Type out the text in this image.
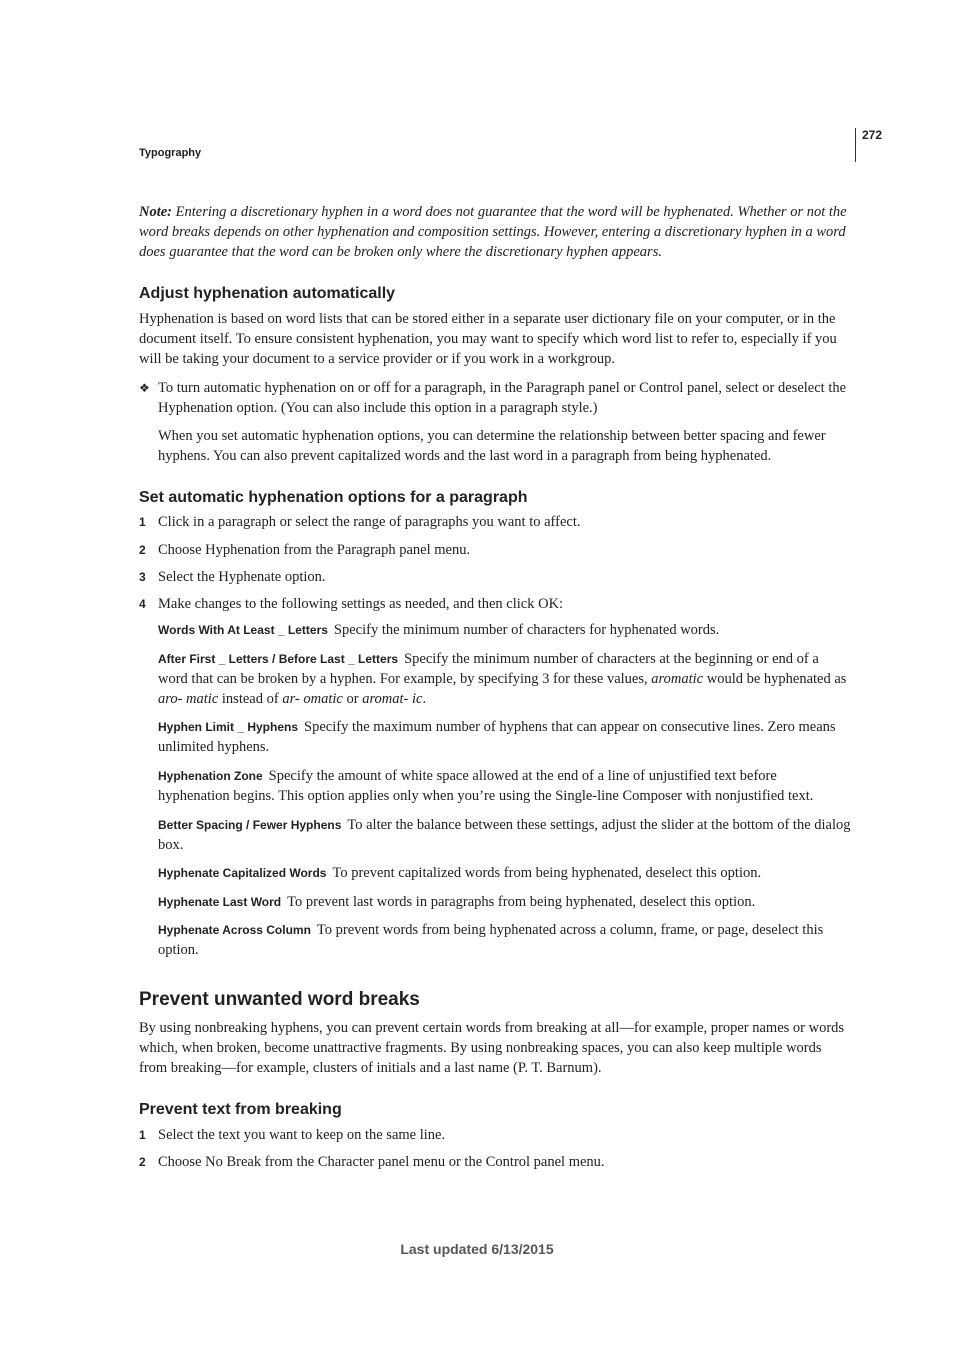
272
Typography

Note: Entering a discretionary hyphen in a word does not guarantee that the word will be hyphenated. Whether or not the word breaks depends on other hyphenation and composition settings. However, entering a discretionary hyphen in a word does guarantee that the word can be broken only where the discretionary hyphen appears.

Adjust hyphenation automatically

Hyphenation is based on word lists that can be stored either in a separate user dictionary file on your computer, or in the document itself. To ensure consistent hyphenation, you may want to specify which word list to refer to, especially if you will be taking your document to a service provider or if you work in a workgroup.

❖ To turn automatic hyphenation on or off for a paragraph, in the Paragraph panel or Control panel, select or deselect the Hyphenation option. (You can also include this option in a paragraph style.)

When you set automatic hyphenation options, you can determine the relationship between better spacing and fewer hyphens. You can also prevent capitalized words and the last word in a paragraph from being hyphenated.

Set automatic hyphenation options for a paragraph
1 Click in a paragraph or select the range of paragraphs you want to affect.

2 Choose Hyphenation from the Paragraph panel menu.

3 Select the Hyphenate option.

4 Make changes to the following settings as needed, and then click OK:

Words With At Least _ Letters Specify the minimum number of characters for hyphenated words.

After First _ Letters / Before Last _ Letters Specify the minimum number of characters at the beginning or end of a word that can be broken by a hyphen. For example, by specifying 3 for these values, aromatic would be hyphenated as aro- matic instead of ar- omatic or aromat- ic.

Hyphen Limit _ Hyphens Specify the maximum number of hyphens that can appear on consecutive lines. Zero means unlimited hyphens.

Hyphenation Zone Specify the amount of white space allowed at the end of a line of unjustified text before hyphenation begins. This option applies only when you’re using the Single-line Composer with nonjustified text.

Better Spacing / Fewer Hyphens To alter the balance between these settings, adjust the slider at the bottom of the dialog box.

Hyphenate Capitalized Words To prevent capitalized words from being hyphenated, deselect this option.

Hyphenate Last Word To prevent last words in paragraphs from being hyphenated, deselect this option.

Hyphenate Across Column To prevent words from being hyphenated across a column, frame, or page, deselect this option.

Prevent unwanted word breaks

By using nonbreaking hyphens, you can prevent certain words from breaking at all—for example, proper names or words which, when broken, become unattractive fragments. By using nonbreaking spaces, you can also keep multiple words from breaking—for example, clusters of initials and a last name (P. T. Barnum).

Prevent text from breaking
1 Select the text you want to keep on the same line.

2 Choose No Break from the Character panel menu or the Control panel menu.

Last updated 6/13/2015
